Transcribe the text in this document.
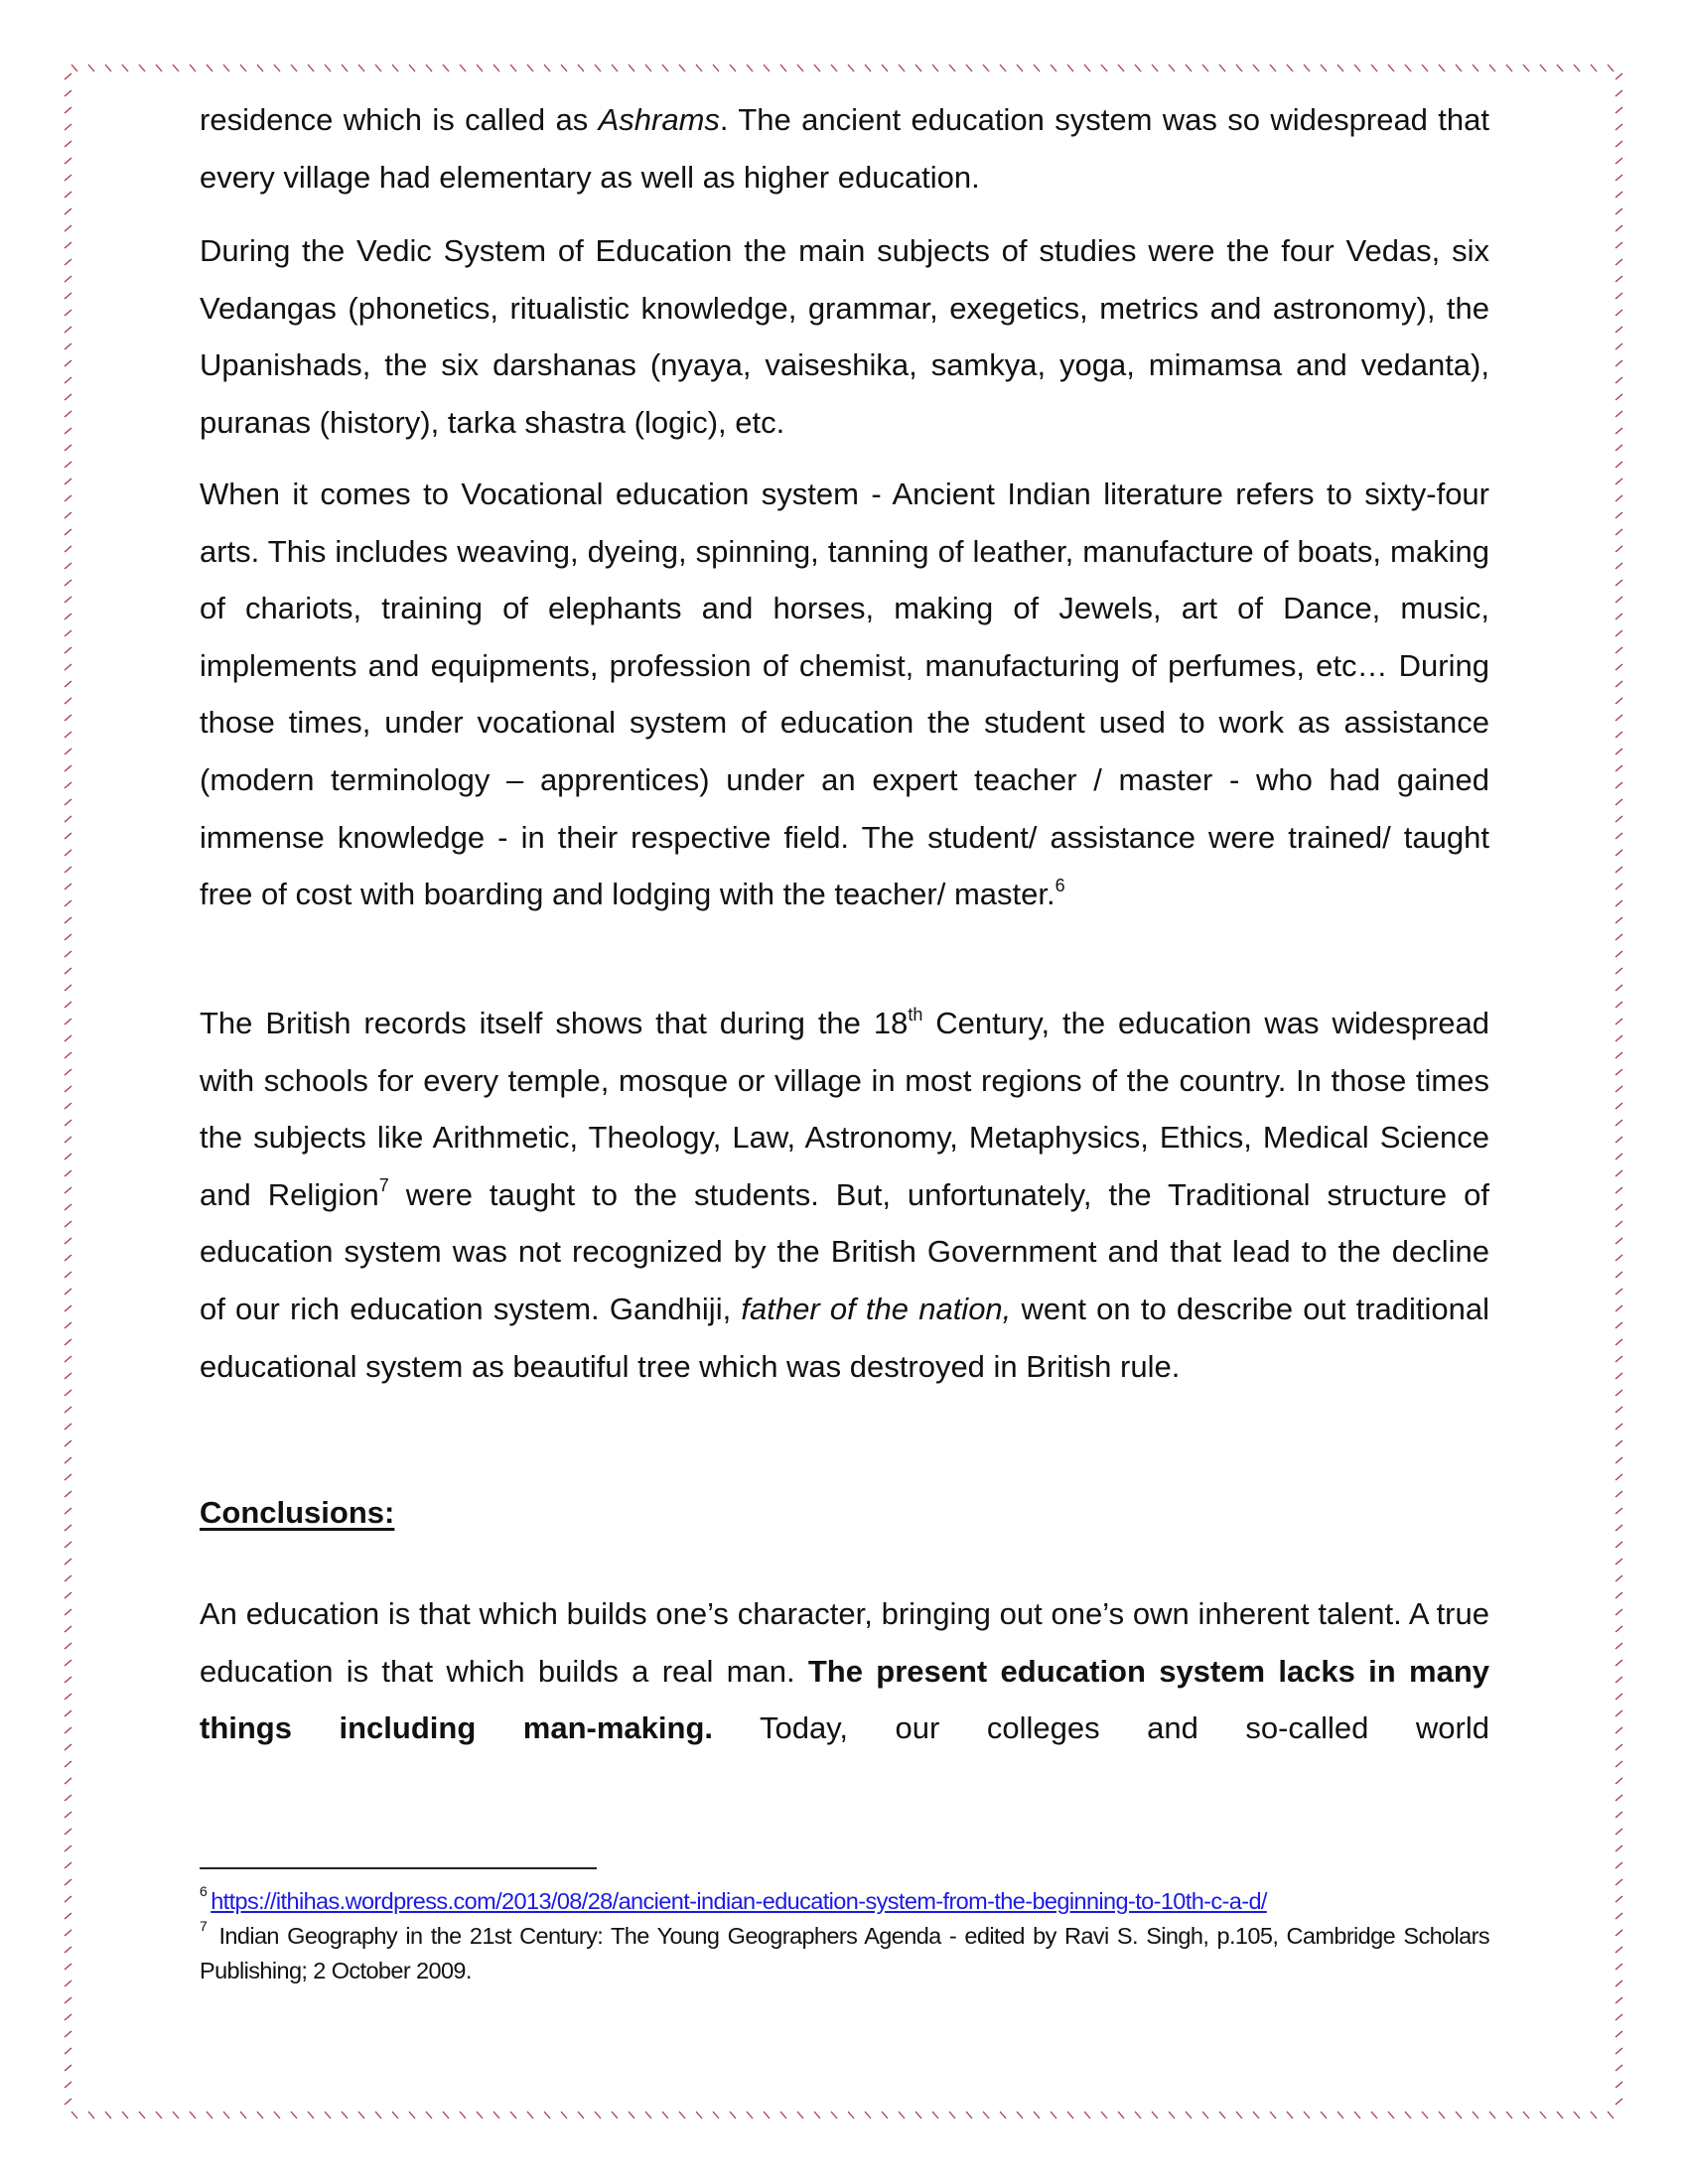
residence which is called as Ashrams. The ancient education system was so widespread that every village had elementary as well as higher education.

During the Vedic System of Education the main subjects of studies were the four Vedas, six Vedangas (phonetics, ritualistic knowledge, grammar, exegetics, metrics and astronomy), the Upanishads, the six darshanas (nyaya, vaiseshika, samkya, yoga, mimamsa and vedanta), puranas (history), tarka shastra (logic), etc.

When it comes to Vocational education system - Ancient Indian literature refers to sixty-four arts. This includes weaving, dyeing, spinning, tanning of leather, manufacture of boats, making of chariots, training of elephants and horses, making of Jewels, art of Dance, music, implements and equipments, profession of chemist, manufacturing of perfumes, etc… During those times, under vocational system of education the student used to work as assistance (modern terminology – apprentices) under an expert teacher / master - who had gained immense knowledge - in their respective field. The student/ assistance were trained/ taught free of cost with boarding and lodging with the teacher/ master.$^6$

The British records itself shows that during the 18th Century, the education was widespread with schools for every temple, mosque or village in most regions of the country. In those times the subjects like Arithmetic, Theology, Law, Astronomy, Metaphysics, Ethics, Medical Science and Religion$^7$ were taught to the students. But, unfortunately, the Traditional structure of education system was not recognized by the British Government and that lead to the decline of our rich education system. Gandhiji, father of the nation, went on to describe out traditional educational system as beautiful tree which was destroyed in British rule.

Conclusions:

An education is that which builds one’s character, bringing out one’s own inherent talent. A true education is that which builds a real man. The present education system lacks in many things including man-making. Today, our colleges and so-called world

$^6$ https://ithihas.wordpress.com/2013/08/28/ancient-indian-education-system-from-the-beginning-to-10th-c-a-d/
$^7$ Indian Geography in the 21st Century: The Young Geographers Agenda - edited by Ravi S. Singh, p.105, Cambridge Scholars Publishing; 2 October 2009.
